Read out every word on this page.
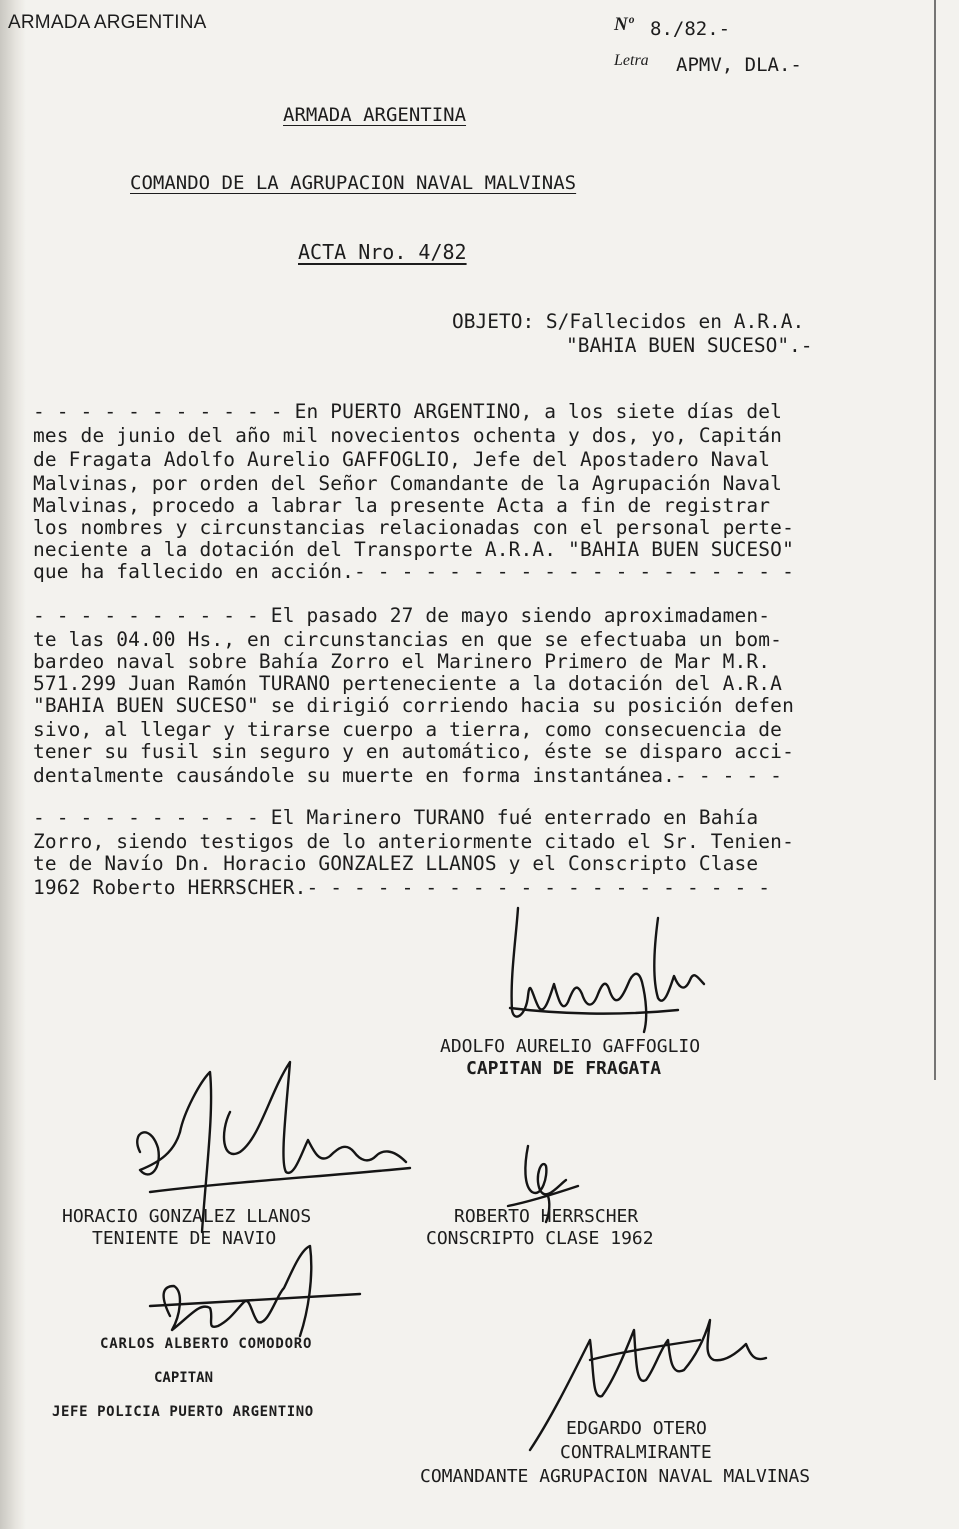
ARMADA ARGENTINA	Nº 8./82.-
Letra APMV, DLA.-
ARMADA ARGENTINA
COMANDO DE LA AGRUPACION NAVAL MALVINAS
ACTA Nro. 4/82
OBJETO: S/Fallecidos en A.R.A.
"BAHIA BUEN SUCESO".-
- - - - - - - - - - - En PUERTO ARGENTINO, a los siete días del
mes de junio del año mil novecientos ochenta y dos, yo, Capitán
de Fragata Adolfo Aurelio GAFFOGLIO, Jefe del Apostadero Naval
Malvinas, por orden del Señor Comandante de la Agrupación Naval
Malvinas, procedo a labrar la presente Acta a fin de registrar
los nombres y circunstancias relacionadas con el personal perte-
neciente a la dotación del Transporte A.R.A. "BAHIA BUEN SUCESO"
que ha fallecido en acción.- - - - - - - - - - - - - - - - - - -
- - - - - - - - - - El pasado 27 de mayo siendo aproximadamen-
te las 04.00 Hs., en circunstancias en que se efectuaba un bom-
bardeo naval sobre Bahía Zorro el Marinero Primero de Mar M.R.
571.299 Juan Ramón TURANO perteneciente a la dotación del A.R.A
"BAHIA BUEN SUCESO" se dirigió corriendo hacia su posición defen
sivo, al llegar y tirarse cuerpo a tierra, como consecuencia de
tener su fusil sin seguro y en automático, éste se disparo acci-
dentalmente causándole su muerte en forma instantánea.- - - - -
- - - - - - - - - - El Marinero TURANO fué enterrado en Bahía
Zorro, siendo testigos de lo anteriormente citado el Sr. Tenien-
te de Navío Dn. Horacio GONZALEZ LLANOS y el Conscripto Clase
1962 Roberto HERRSCHER.- - - - - - - - - - - - - - - - - - - -
ADOLFO AURELIO GAFFOGLIO
CAPITAN DE FRAGATA
HORACIO GONZALEZ LLANOS
TENIENTE DE NAVIO
ROBERTO HERRSCHER
CONSCRIPTO CLASE 1962
CARLOS ALBERTO COMODORO
CAPITAN
JEFE POLICIA PUERTO ARGENTINO
EDGARDO OTERO
CONTRALMIRANTE
COMANDANTE AGRUPACION NAVAL MALVINAS
